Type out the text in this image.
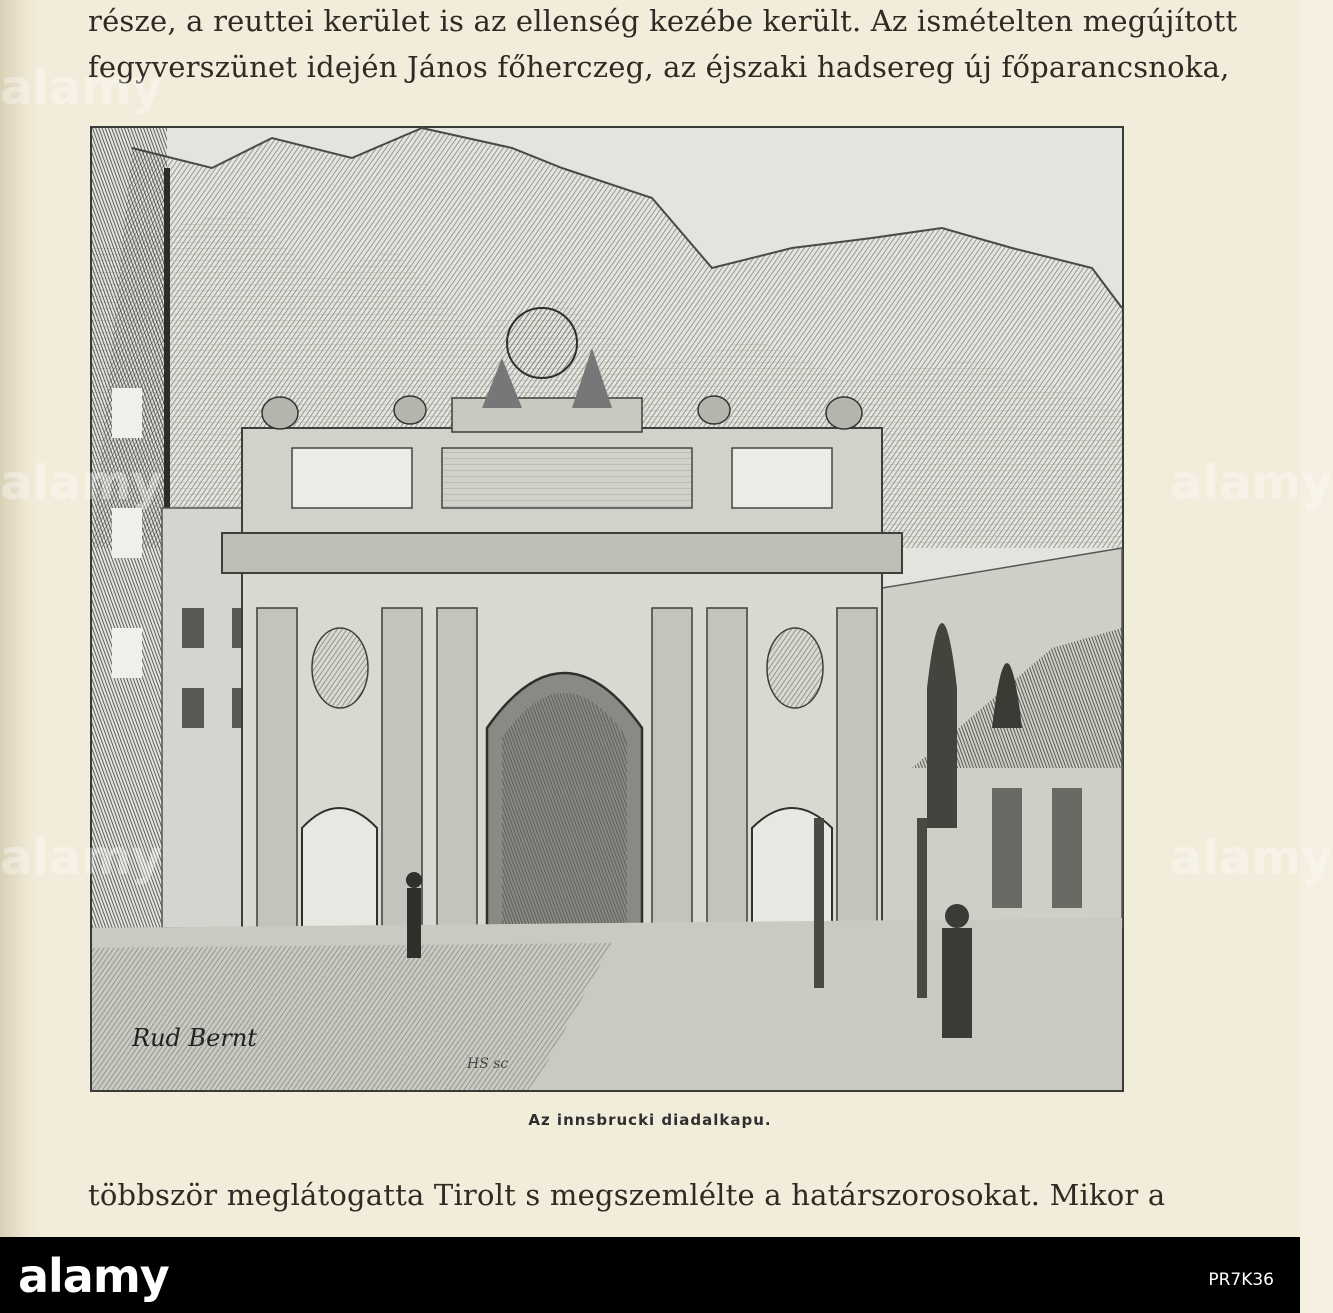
része, a reuttei kerület is az ellenség kezébe került. Az ismételten megújított
fegyverszünet idején János főherczeg, az éjszaki hadsereg új főparancsnoka,
Rud Bernt
HS sc
Az innsbrucki diadalkapu.
többször meglátogatta Tirolt s megszemlélte a határszorosokat. Mikor a
alamy
alamy
alamy
alamy
alamy
alamy	PR7K36
